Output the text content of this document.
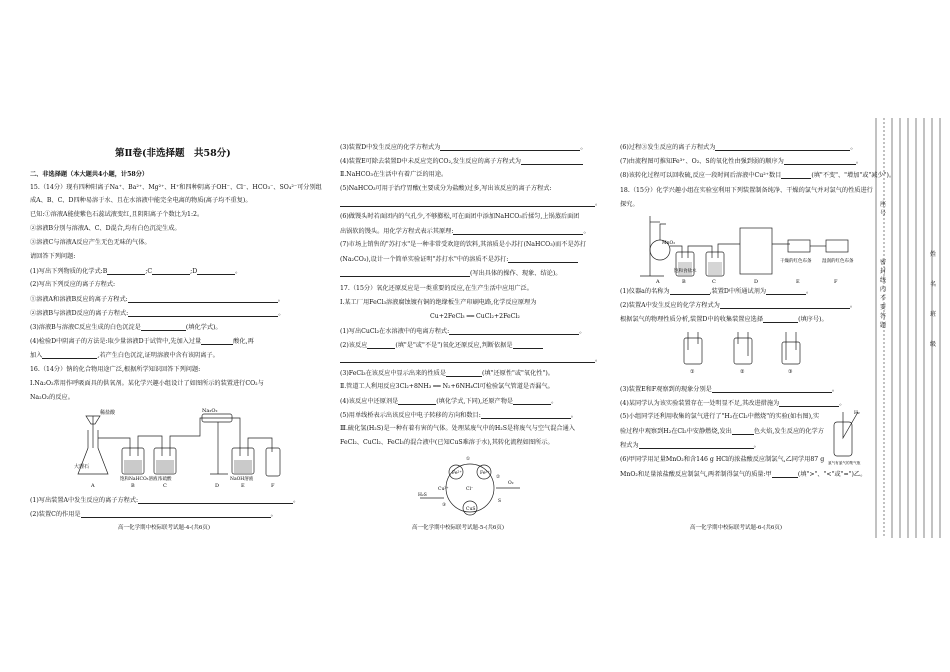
第Ⅱ卷(非选择题　共58分)
二、非选择题（本大题共4小题，计58分）
15.（14分）现有四种阳离子Na⁺、Ba²⁺、Mg²⁺、H⁺和四种阴离子OH⁻、Cl⁻、HCO₃⁻、SO₄²⁻可分别组
成A、B、C、D四种易溶于水、且在水溶液中能完全电离的物质(离子均不重复)。
已知:①溶液A能使紫色石蕊试液变红,且阴阳离子个数比为1:2。
②溶液B分别与溶液A、C、D混合,均有白色沉淀生成。
③溶液C与溶液A反应产生无色无味的气体。
请回答下列问题:
(1)写出下列物质的化学式:B	;C	;D	。
(2)写出下列反应的离子方程式:
①溶液A和溶液B反应的离子方程式:	。
②溶液B与溶液D反应的离子方程式:	。
(3)溶液B与溶液C反应生成的白色沉淀是	(填化学式)。
(4)检验D中阴离子的方法是:取少量溶液D于试管中,先加入过量	酸化,再
加入	,若产生白色沉淀,证明溶液中含有该阴离子。
16.（14分）钠的化合物用途广泛,根据所学知识回答下列问题:
Ⅰ.Na₂O₂常用作呼吸面具的供氧剂。某化学兴趣小组设计了如图所示的装置进行CO₂与
Na₂O₂的反应。
稀盐酸	Na₂O₂
大理石
饱和NaHCO₃溶液 浓硫酸	NaOH溶液
A	B	C	D	E	F
(1)写出装置A中发生反应的离子方程式:	。
(2)装置C的作用是	。
高一化学期中校际联考试题-4-(共6页)
(3)装置D中发生反应的化学方程式为	。
(4)装置E可除去装置D中未反应完的CO₂,发生反应的离子方程式为
Ⅱ.NaHCO₃在生活中有着广泛的用途。
(5)NaHCO₃可用于治疗胃酸(主要成分为盐酸)过多,写出该反应的离子方程式:
。
(6)做馒头时若面团内的气孔少,不够膨松,可在面团中添加NaHCO₃后揉匀,上锅蒸后面团
出锅软的馒头。用化学方程式表示其原理:	。
(7)市场上销售的"苏打水"是一种非常受欢迎的饮料,其溶质是小苏打(NaHCO₃)而不是苏打
(Na₂CO₃),设计一个简单实验证明"苏打水"中的溶质不是苏打:
(写出具体的操作、现象、结论)。
17.（15分）氧化还原反应是一类重要的反应,在生产生活中应用广泛。
Ⅰ.某工厂用FeCl₃溶液腐蚀镀有铜的绝缘板生产印刷电路,化学反应原理为
Cu+2FeCl₃ ══ CuCl₂+2FeCl₂
(1)写出CuCl₂在水溶液中的电离方程式:	。
(2)该反应	(填"是"或"不是")氧化还原反应,判断依据是
。
(3)FeCl₃在该反应中显示出来的性质是	(填"还原性"或"氧化性")。
Ⅱ.管道工人利用反应3Cl₂+8NH₃ ══ N₂+6NH₄Cl可检验氯气管道是否漏气。
(4)该反应中还原剂是	(填化学式,下同),还原产物是	。
(5)用单线桥表示出该反应中电子转移的方向和数目:	。
Ⅲ.硫化氢(H₂S)是一种有着有害的气体。处理某废气中的H₂S是将废气与空气混合通入
FeCl₂、CuCl₂、FeCl₃的混合液中(已知CuS难溶于水),其转化流程如图所示。
Fe²⁺	Fe³⁺
Cl⁻
CuS
H₂S
O₂
Cu²⁺
S
①
②
③
高一化学期中校际联考试题-5-(共6页)
(6)过程③发生反应的离子方程式为	。
(7)由流程图可推知Fe³⁺、O₂、S的氧化性由强到弱的顺序为	。
(8)该转化过程可以回收硫,反应一段时间后溶液中Cu²⁺数目	(填"不变"、"增加"或"减少")。
18.（15分）化学兴趣小组在实验室利用下列装置制备纯净、干燥的氯气并对氯气的性质进行
探究。
MnO₂
饱和食盐水
干燥的红色布条 湿润的红色布条
A	B	C	D	E	F
(1)仪器a的名称为	,装置D中所通试剂为	。
(2)装置A中发生反应的化学方程式为	。
根据氯气的物理性质分析,装置D中的收集装置应选择	(填序号)。
①	②	③
(3)装置E和F观察到的现象分别是	。
(4)某同学认为该实验装置存在一处明显不足,其改进措施为	。
(5)小组同学还利用收集的氯气进行了"H₂在Cl₂中燃烧"的实验(如右图),实
验过程中观察到H₂在Cl₂中安静燃烧,发出	色火焰,发生反应的化学方
程式为	。
(6)甲同学用足量MnO₂和含146 g HCl的浓盐酸反应制氯气,乙同学用87 g
MnO₂和足量浓盐酸反应制氯气,两者制得氯气的质量:甲	(填">"、"<"或"=")乙。
H₂
氯气有氯气的集气瓶
高一化学期中校际联考试题-6-(共6页)
座
号
密
封
线
内
不
要
答
题
姓
名
班
级
